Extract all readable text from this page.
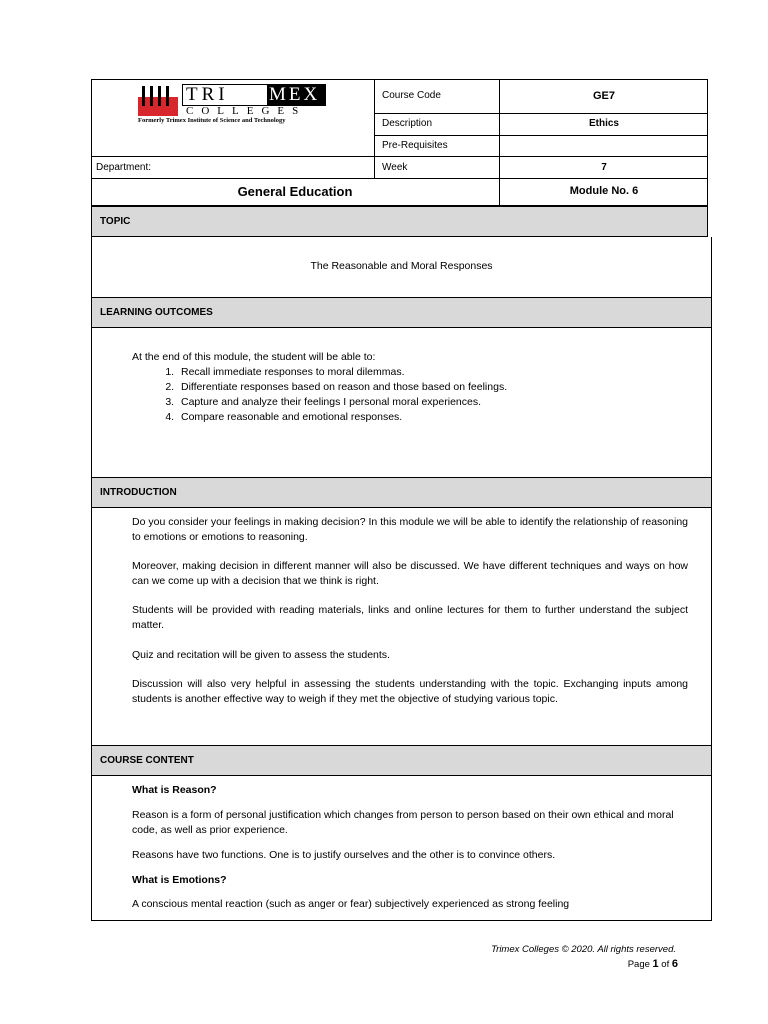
TRI	MEX
COLLEGES
Formerly Trimex Institute of Science and Technology
Course Code	GE7
Description	Ethics
Pre-Requisites
Department:	Week	7
General Education	Module No. 6
TOPIC
The Reasonable and Moral Responses
LEARNING OUTCOMES
At the end of this module, the student will be able to:
1. Recall immediate responses to moral dilemmas.
2. Differentiate responses based on reason and those based on feelings.
3. Capture and analyze their feelings I personal moral experiences.
4. Compare reasonable and emotional responses.
INTRODUCTION
Do you consider your feelings in making decision? In this module we will be able to identify the relationship of reasoning to emotions or emotions to reasoning.
Moreover, making decision in different manner will also be discussed. We have different techniques and ways on how can we come up with a decision that we think is right.
Students will be provided with reading materials, links and online lectures for them to further understand the subject matter.
Quiz and recitation will be given to assess the students.
Discussion will also very helpful in assessing the students understanding with the topic. Exchanging inputs among students is another effective way to weigh if they met the objective of studying various topic.
COURSE CONTENT
What is Reason?
Reason is a form of personal justification which changes from person to person based on their own ethical and moral code, as well as prior experience.
Reasons have two functions. One is to justify ourselves and the other is to convince others.
What is Emotions?
A conscious mental reaction (such as anger or fear) subjectively experienced as strong feeling
Trimex Colleges © 2020. All rights reserved.
Page 1 of 6
